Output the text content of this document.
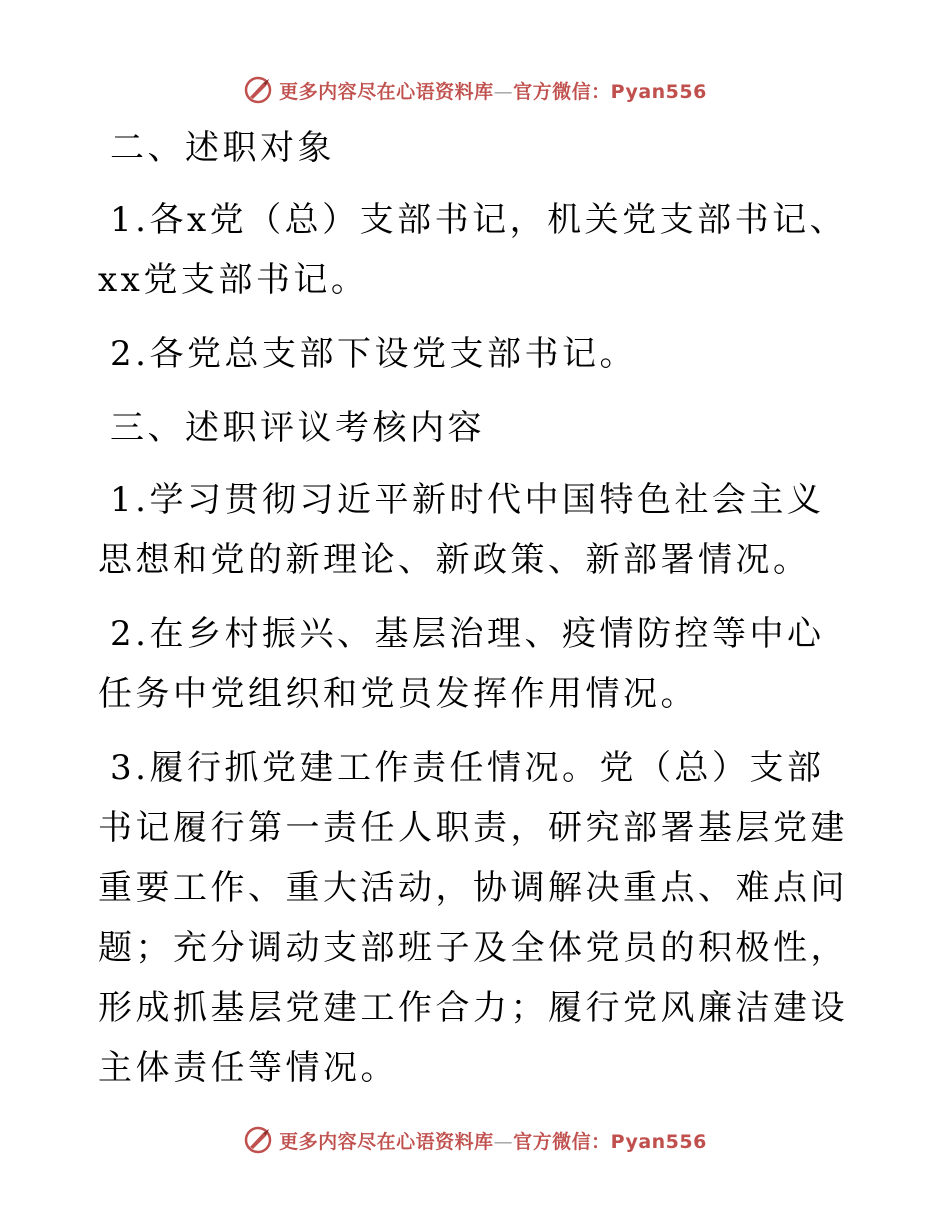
更多内容尽在心语资料库—官方微信：Pyan556

二、述职对象

1.各x党（总）支部书记，机关党支部书记、xx党支部书记。

2.各党总支部下设党支部书记。

三、述职评议考核内容

1.学习贯彻习近平新时代中国特色社会主义思想和党的新理论、新政策、新部署情况。

2.在乡村振兴、基层治理、疫情防控等中心任务中党组织和党员发挥作用情况。

3.履行抓党建工作责任情况。党（总）支部书记履行第一责任人职责，研究部署基层党建重要工作、重大活动，协调解决重点、难点问题；充分调动支部班子及全体党员的积极性，形成抓基层党建工作合力；履行党风廉洁建设主体责任等情况。

更多内容尽在心语资料库—官方微信：Pyan556
